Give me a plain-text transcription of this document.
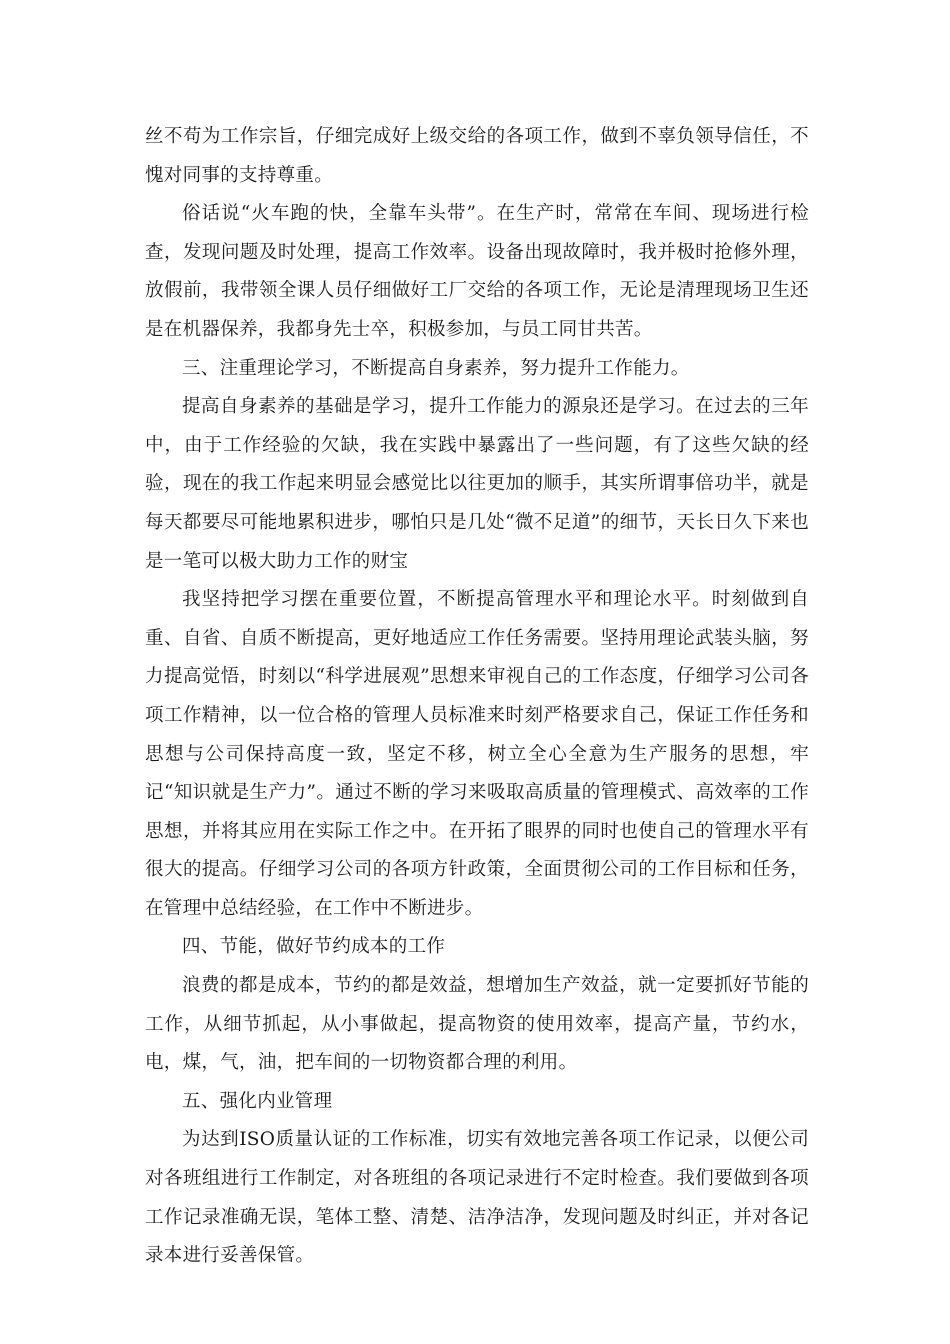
丝不苟为工作宗旨，仔细完成好上级交给的各项工作，做到不辜负领导信任，不愧对同事的支持尊重。

俗话说“火车跑的快，全靠车头带”。在生产时，常常在车间、现场进行检查，发现问题及时处理，提高工作效率。设备出现故障时，我并极时抢修外理，放假前，我带领全课人员仔细做好工厂交给的各项工作，无论是清理现场卫生还是在机器保养，我都身先士卒，积极参加，与员工同甘共苦。

三、注重理论学习，不断提高自身素养，努力提升工作能力。

提高自身素养的基础是学习，提升工作能力的源泉还是学习。在过去的三年中，由于工作经验的欠缺，我在实践中暴露出了一些问题，有了这些欠缺的经验，现在的我工作起来明显会感觉比以往更加的顺手，其实所谓事倍功半，就是每天都要尽可能地累积进步，哪怕只是几处“微不足道”的细节，天长日久下来也是一笔可以极大助力工作的财宝

我坚持把学习摆在重要位置，不断提高管理水平和理论水平。时刻做到自重、自省、自质不断提高，更好地适应工作任务需要。坚持用理论武装头脑，努力提高觉悟，时刻以“科学进展观”思想来审视自己的工作态度，仔细学习公司各项工作精神，以一位合格的管理人员标准来时刻严格要求自己，保证工作任务和思想与公司保持高度一致，坚定不移，树立全心全意为生产服务的思想，牢记“知识就是生产力”。通过不断的学习来吸取高质量的管理模式、高效率的工作思想，并将其应用在实际工作之中。在开拓了眼界的同时也使自己的管理水平有很大的提高。仔细学习公司的各项方针政策，全面贯彻公司的工作目标和任务，在管理中总结经验，在工作中不断进步。

四、节能，做好节约成本的工作

浪费的都是成本，节约的都是效益，想增加生产效益，就一定要抓好节能的工作，从细节抓起，从小事做起，提高物资的使用效率，提高产量，节约水，电，煤，气，油，把车间的一切物资都合理的利用。

五、强化内业管理

为达到ISO质量认证的工作标准，切实有效地完善各项工作记录，以便公司对各班组进行工作制定，对各班组的各项记录进行不定时检查。我们要做到各项工作记录准确无误，笔体工整、清楚、洁净洁净，发现问题及时纠正，并对各记录本进行妥善保管。
